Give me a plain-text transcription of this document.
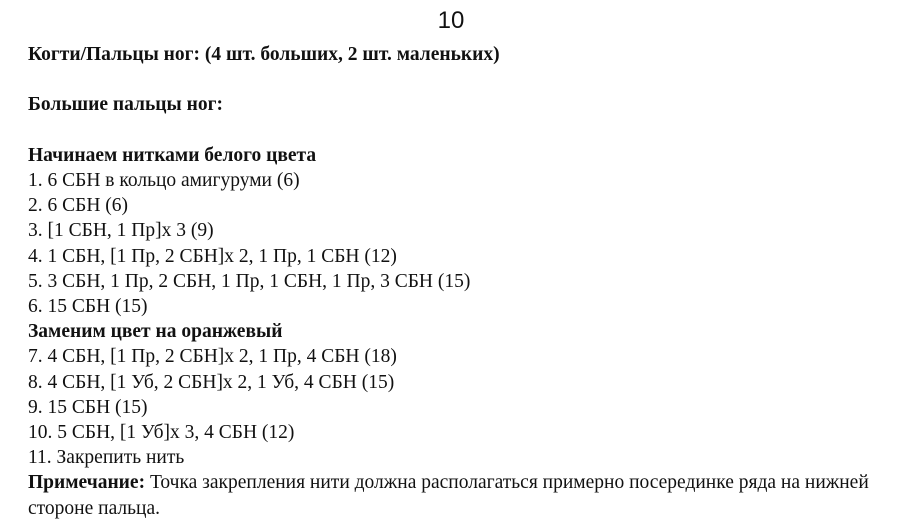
10
Когти/Пальцы ног: (4 шт. больших, 2 шт. маленьких)
Большие пальцы ног:
Начинаем нитками белого цвета
1. 6 СБН в кольцо амигуруми (6)
2. 6 СБН (6)
3. [1 СБН, 1 Пр]х 3 (9)
4. 1 СБН, [1 Пр, 2 СБН]х 2, 1 Пр, 1 СБН (12)
5. 3 СБН, 1 Пр, 2 СБН, 1 Пр, 1 СБН, 1 Пр, 3 СБН (15)
6. 15 СБН (15)
Заменим цвет на оранжевый
7. 4 СБН, [1 Пр, 2 СБН]х 2, 1 Пр, 4 СБН (18)
8. 4 СБН, [1 Уб, 2 СБН]х 2, 1 Уб, 4 СБН (15)
9. 15 СБН (15)
10. 5 СБН, [1 Уб]х 3, 4 СБН (12)
11. Закрепить нить
Примечание: Точка закрепления нити должна располагаться примерно посерединке ряда на нижней стороне пальца.
